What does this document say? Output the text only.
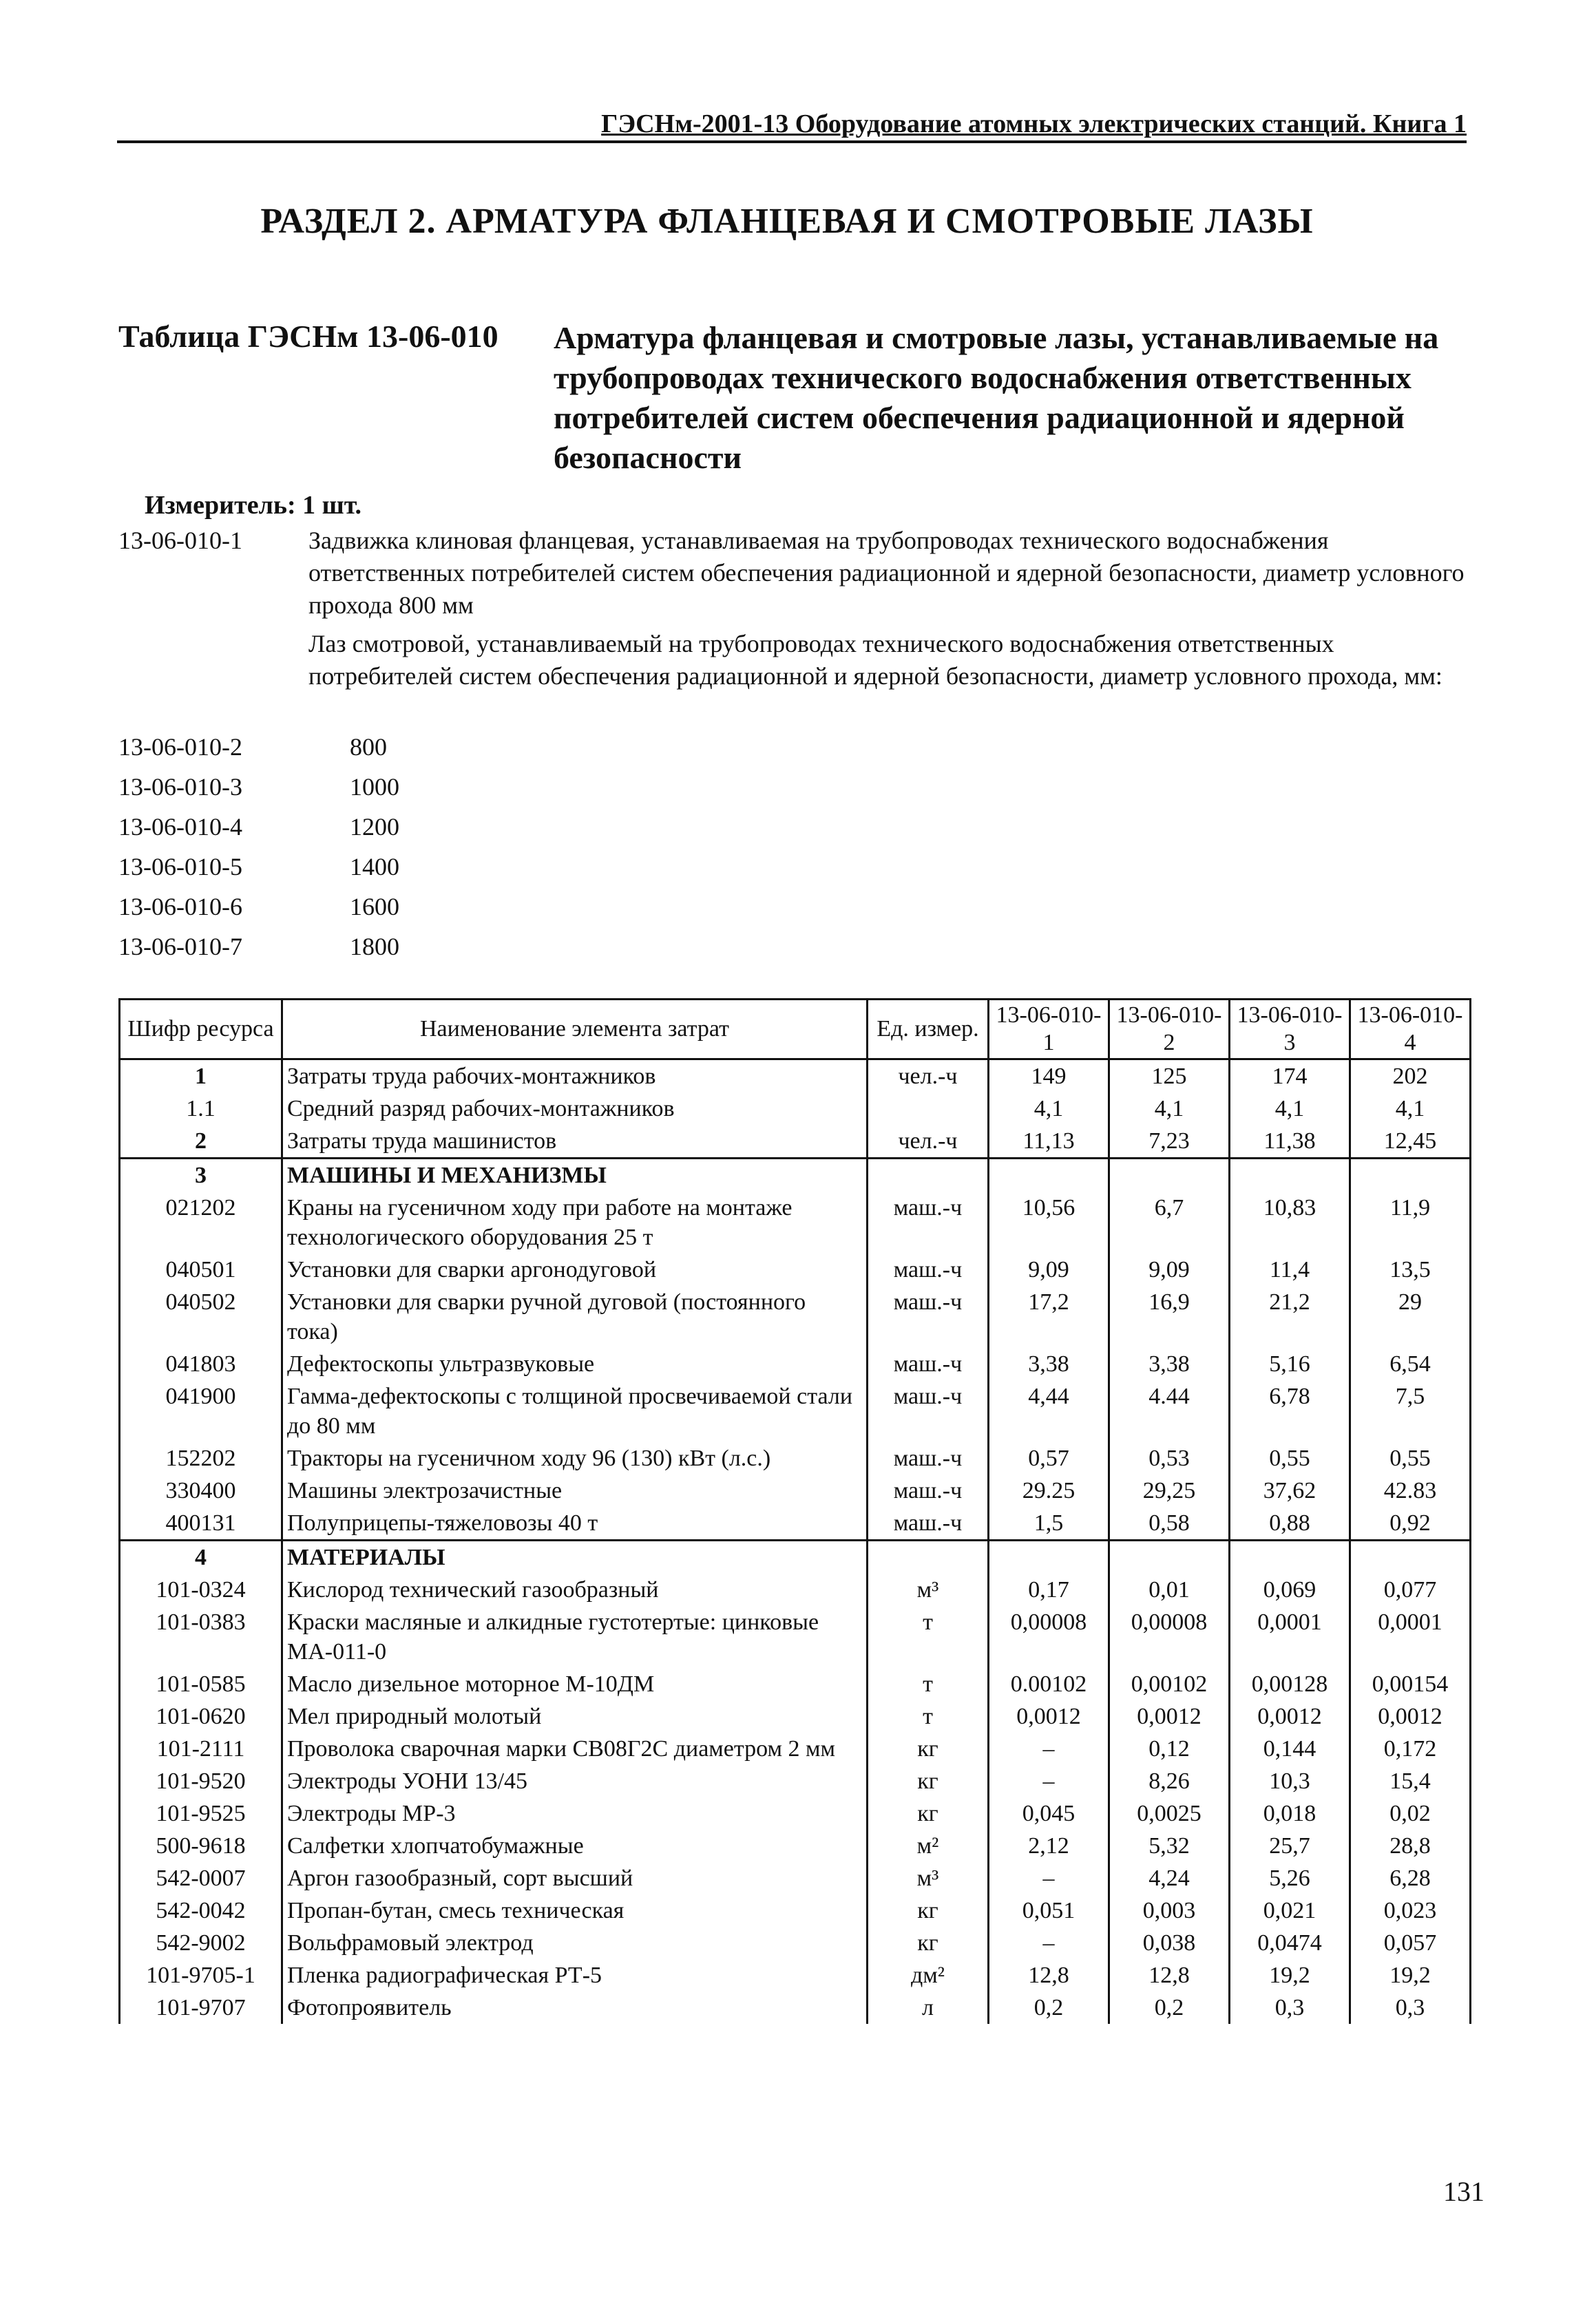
ГЭСНм-2001-13 Оборудование атомных электрических станций. Книга 1
РАЗДЕЛ 2. АРМАТУРА ФЛАНЦЕВАЯ И СМОТРОВЫЕ ЛАЗЫ
Таблица ГЭСНм 13-06-010 Арматура фланцевая и смотровые лазы, устанавливаемые на трубопроводах технического водоснабжения ответственных потребителей систем обеспечения радиационной и ядерной безопасности
Измеритель: 1 шт.
13-06-010-1	Задвижка клиновая фланцевая, устанавливаемая на трубопроводах технического водоснабжения ответственных потребителей систем обеспечения радиационной и ядерной безопасности, диаметр условного прохода 800 мм
Лаз смотровой, устанавливаемый на трубопроводах технического водоснабжения ответственных потребителей систем обеспечения радиационной и ядерной безопасности, диаметр условного прохода, мм:
13-06-010-2	800
13-06-010-3	1000
13-06-010-4	1200
13-06-010-5	1400
13-06-010-6	1600
13-06-010-7	1800
Шифр ресурса	Наименование элемента затрат	Ед. измер.	13-06-010-1	13-06-010-2	13-06-010-3	13-06-010-4
1	Затраты труда рабочих-монтажников	чел.-ч	149	125	174	202
1.1	Средний разряд рабочих-монтажников		4,1	4,1	4,1	4,1
2	Затраты труда машинистов	чел.-ч	11,13	7,23	11,38	12,45
3	МАШИНЫ И МЕХАНИЗМЫ					
021202	Краны на гусеничном ходу при работе на монтаже технологического оборудования 25 т	маш.-ч	10,56	6,7	10,83	11,9
040501	Установки для сварки аргонодуговой	маш.-ч	9,09	9,09	11,4	13,5
040502	Установки для сварки ручной дуговой (постоянного тока)	маш.-ч	17,2	16,9	21,2	29
041803	Дефектоскопы ультразвуковые	маш.-ч	3,38	3,38	5,16	6,54
041900	Гамма-дефектоскопы с толщиной просвечиваемой стали до 80 мм	маш.-ч	4,44	4.44	6,78	7,5
152202	Тракторы на гусеничном ходу 96 (130) кВт (л.с.)	маш.-ч	0,57	0,53	0,55	0,55
330400	Машины электрозачистные	маш.-ч	29.25	29,25	37,62	42.83
400131	Полуприцепы-тяжеловозы 40 т	маш.-ч	1,5	0,58	0,88	0,92
4	МАТЕРИАЛЫ					
101-0324	Кислород технический газообразный	м³	0,17	0,01	0,069	0,077
101-0383	Краски масляные и алкидные густотертые: цинковые МА-011-0	т	0,00008	0,00008	0,0001	0,0001
101-0585	Масло дизельное моторное М-10ДМ	т	0.00102	0,00102	0,00128	0,00154
101-0620	Мел природный молотый	т	0,0012	0,0012	0,0012	0,0012
101-2111	Проволока сварочная марки СВ08Г2С диаметром 2 мм	кг	–	0,12	0,144	0,172
101-9520	Электроды УОНИ 13/45	кг	–	8,26	10,3	15,4
101-9525	Электроды МР-3	кг	0,045	0,0025	0,018	0,02
500-9618	Салфетки хлопчатобумажные	м²	2,12	5,32	25,7	28,8
542-0007	Аргон газообразный, сорт высший	м³	–	4,24	5,26	6,28
542-0042	Пропан-бутан, смесь техническая	кг	0,051	0,003	0,021	0,023
542-9002	Вольфрамовый электрод	кг	–	0,038	0,0474	0,057
101-9705-1	Пленка радиографическая РТ-5	дм²	12,8	12,8	19,2	19,2
101-9707	Фотопроявитель	л	0,2	0,2	0,3	0,3
131
